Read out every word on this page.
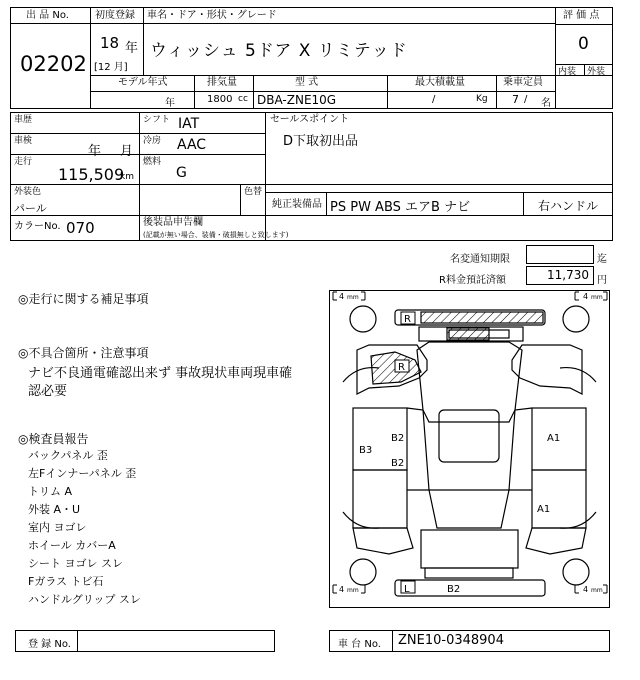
出 品 No.
02202
初度登録
18 年
[12 月]
車名・ドア・形状・グレード
ウィッシュ 5ドア X リミテッド
評 価 点
0
内装 外装
モデル年式	排気量	型 式	最大積載量	乗車定員
年	1800 cc DBA-ZNE10G	/	Kg 7 / 名
車歴
車検
年 月
走行
115,509
km
シフト IAT
冷房 AAC
燃料
G
セールスポイント
D下取初出品
外装色
パール
色替
純正装備品 PS PW ABS エアB ナビ	右ハンドル
カラーNo. 070	後装品申告欄
(記載が無い場合、装備・破損無しと致します)
名変通知期限	迄
R料金預託済額	11,730 円
◎走行に関する補足事項
◎不具合箇所・注意事項
ナビ不良通電確認出来ず 事故現状車両現車確
認必要
◎検査員報告
バックパネル 歪
左Fインナーパネル 歪
トリム A
外装 A・U
室内 ヨゴレ
ホイール カバーA
シート ヨゴレ スレ
Fガラス トビ石
ハンドルグリップ スレ
4	4
4	4
mm	mm
mm	mm
R
R
B3
B2
B2
A1
A1
L	B2
登 録 No.	車 台 No. ZNE10-0348904
